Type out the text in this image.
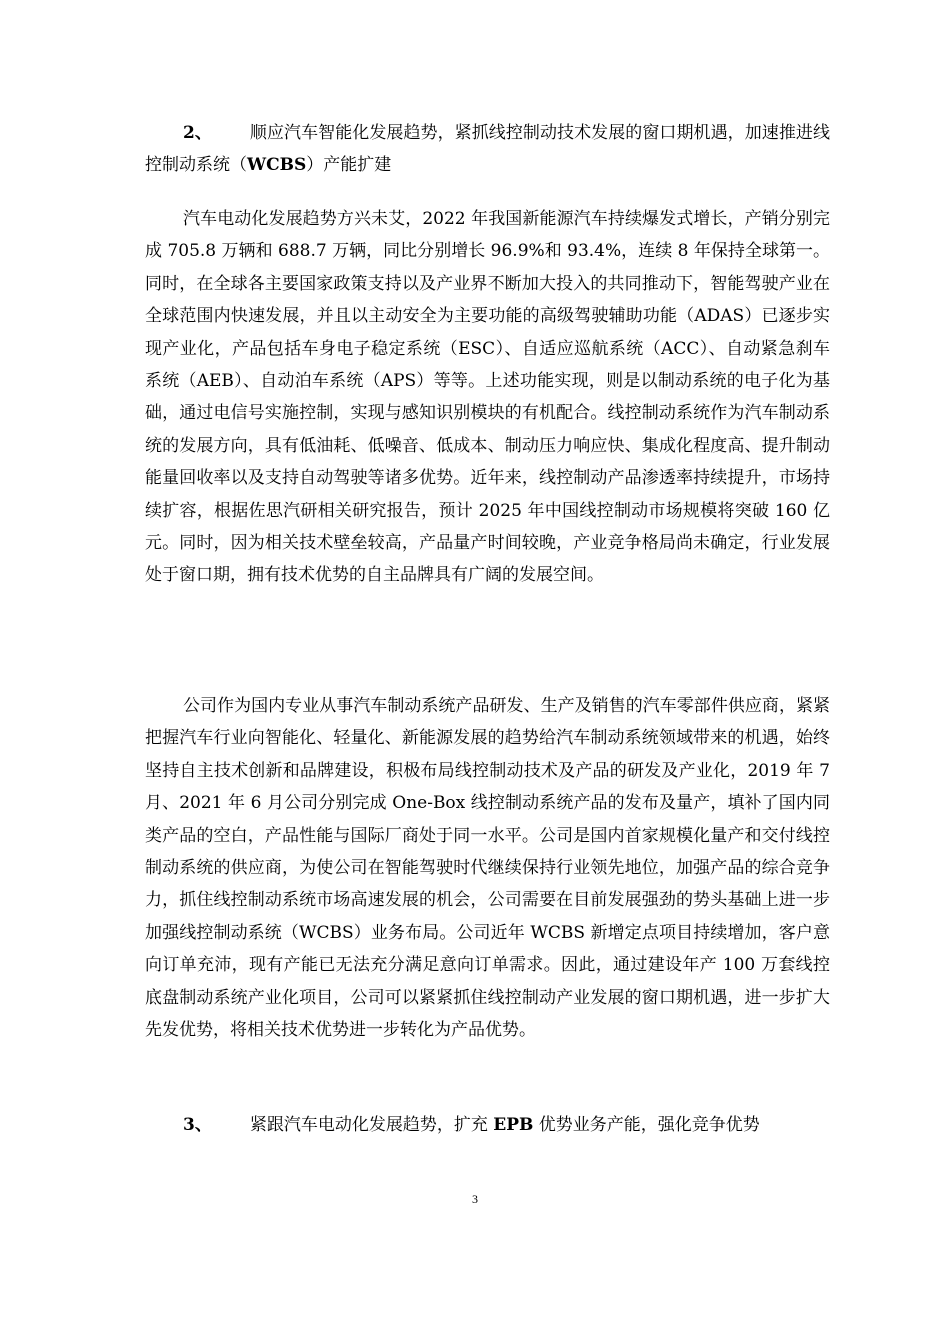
2、 顺应汽车智能化发展趋势，紧抓线控制动技术发展的窗口期机遇，加速推进线控制动系统（WCBS）产能扩建

汽车电动化发展趋势方兴未艾，2022 年我国新能源汽车持续爆发式增长，产销分别完成 705.8 万辆和 688.7 万辆，同比分别增长 96.9%和 93.4%，连续 8 年保持全球第一。同时，在全球各主要国家政策支持以及产业界不断加大投入的共同推动下，智能驾驶产业在全球范围内快速发展，并且以主动安全为主要功能的高级驾驶辅助功能（ADAS）已逐步实现产业化，产品包括车身电子稳定系统（ESC）、自适应巡航系统（ACC）、自动紧急刹车系统（AEB）、自动泊车系统（APS）等等。上述功能实现，则是以制动系统的电子化为基础，通过电信号实施控制，实现与感知识别模块的有机配合。线控制动系统作为汽车制动系统的发展方向，具有低油耗、低噪音、低成本、制动压力响应快、集成化程度高、提升制动能量回收率以及支持自动驾驶等诸多优势。近年来，线控制动产品渗透率持续提升，市场持续扩容，根据佐思汽研相关研究报告，预计 2025 年中国线控制动市场规模将突破 160 亿元。同时，因为相关技术壁垒较高，产品量产时间较晚，产业竞争格局尚未确定，行业发展处于窗口期，拥有技术优势的自主品牌具有广阔的发展空间。

公司作为国内专业从事汽车制动系统产品研发、生产及销售的汽车零部件供应商，紧紧把握汽车行业向智能化、轻量化、新能源发展的趋势给汽车制动系统领域带来的机遇，始终坚持自主技术创新和品牌建设，积极布局线控制动技术及产品的研发及产业化，2019 年 7 月、2021 年 6 月公司分别完成 One-Box 线控制动系统产品的发布及量产，填补了国内同类产品的空白，产品性能与国际厂商处于同一水平。公司是国内首家规模化量产和交付线控制动系统的供应商，为使公司在智能驾驶时代继续保持行业领先地位，加强产品的综合竞争力，抓住线控制动系统市场高速发展的机会，公司需要在目前发展强劲的势头基础上进一步加强线控制动系统（WCBS）业务布局。公司近年 WCBS 新增定点项目持续增加，客户意向订单充沛，现有产能已无法充分满足意向订单需求。因此，通过建设年产 100 万套线控底盘制动系统产业化项目，公司可以紧紧抓住线控制动产业发展的窗口期机遇，进一步扩大先发优势，将相关技术优势进一步转化为产品优势。

3、 紧跟汽车电动化发展趋势，扩充 EPB 优势业务产能，强化竞争优势
3
